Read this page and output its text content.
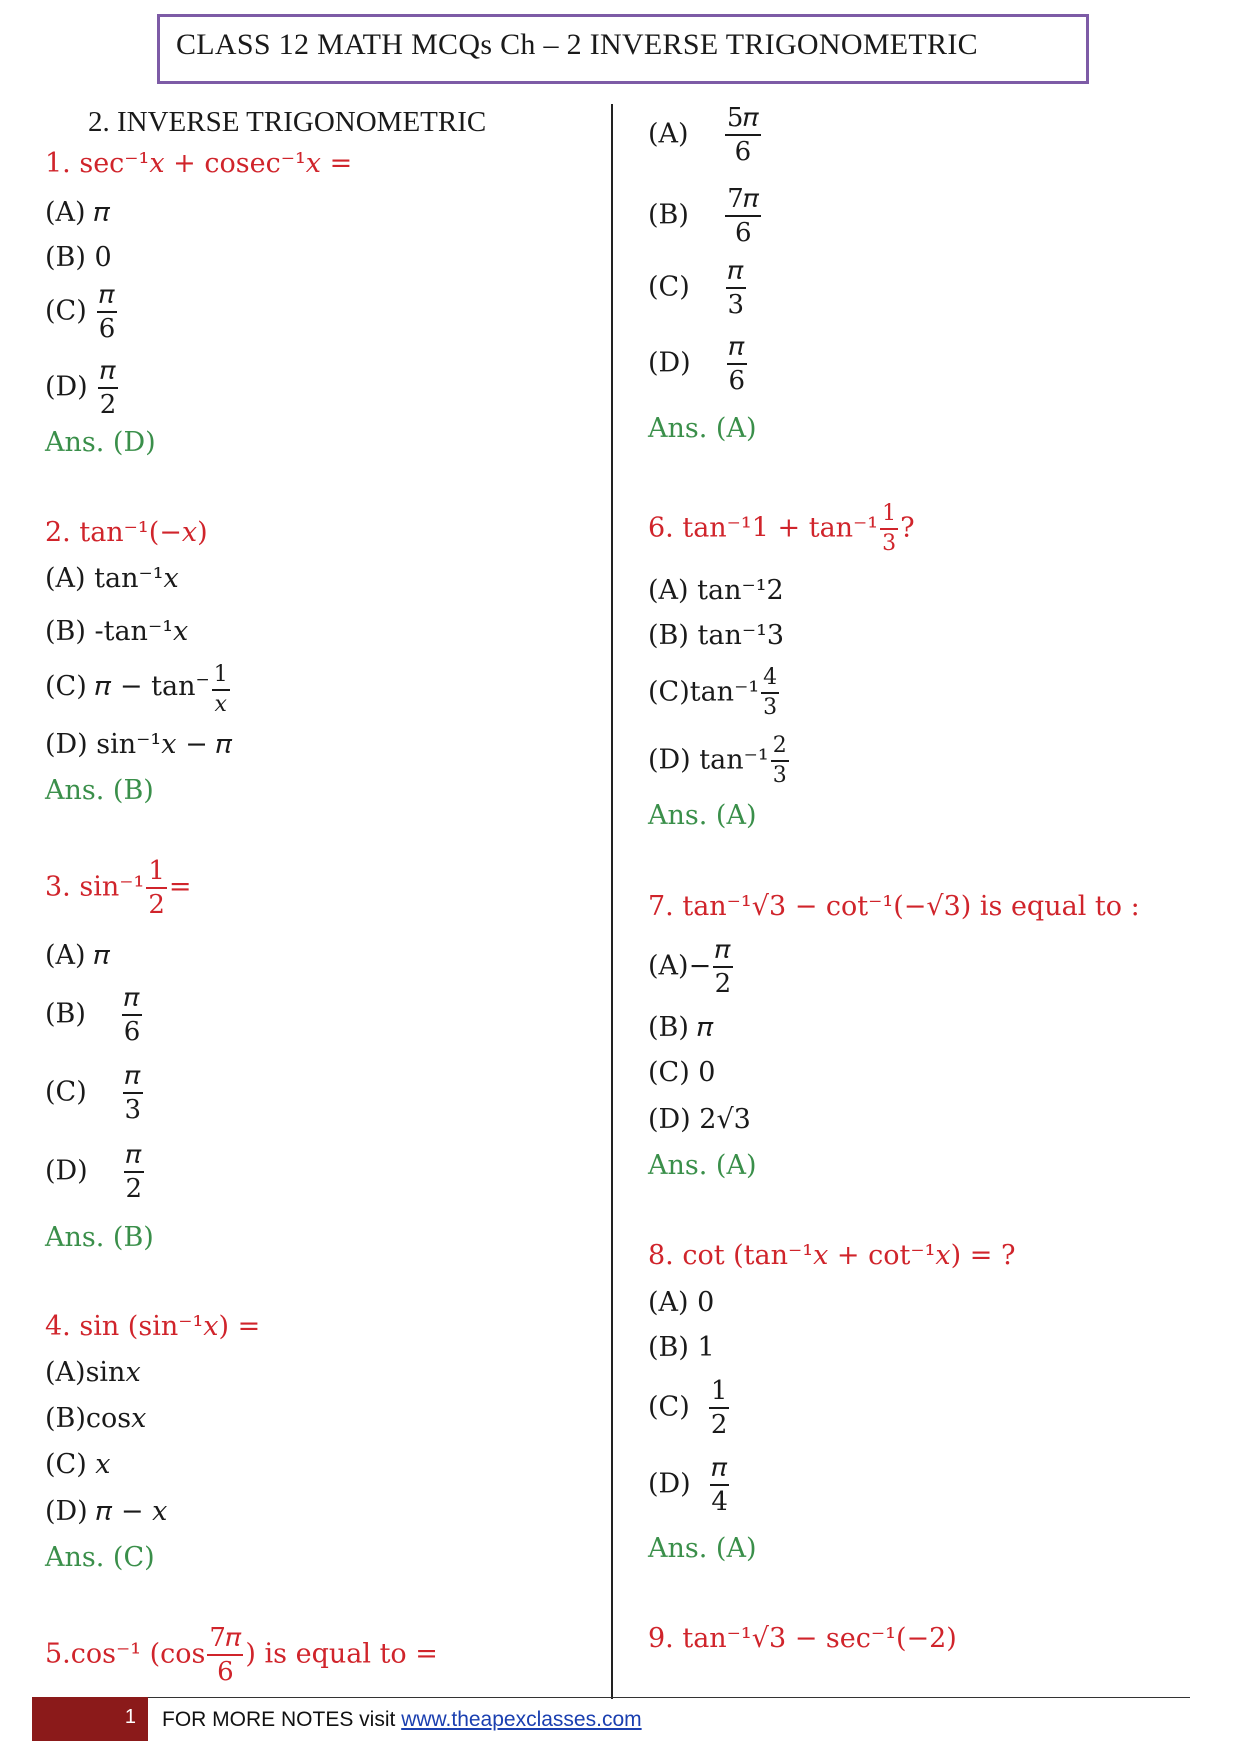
CLASS 12 MATH MCQs Ch – 2 INVERSE TRIGONOMETRIC
2. INVERSE TRIGONOMETRIC
1. sec⁻¹𝑥 + cosec⁻¹𝑥 =
(A) 𝜋
(B) 0
$(C) \frac{\text{𝜋}}{6}$
$(D) \frac{\text{𝜋}}{2}$
Ans. (D)
2. tan⁻¹(−𝑥)
(A) tan⁻¹𝑥
(B) -tan⁻¹𝑥
(C) 𝜋 − $\tan^- \frac{1}{\text{𝑥}}$
(D) sin⁻¹𝑥 − 𝜋
Ans. (B)
3. $\sin^{-1} \frac{1}{2}$ =
(A) 𝜋
$(B) \frac{\text{𝜋}}{6}$
$(C) \frac{\text{𝜋}}{3}$
$(D) \frac{\text{𝜋}}{2}$
Ans. (B)
4. sin (sin⁻¹𝑥) =
(A)sin𝑥
(B)cos𝑥
(C) 𝑥
(D) 𝜋 − 𝑥
Ans. (C)
5.cos⁻¹ ($\cos \frac{\text{7𝜋}}{6}$ ) is equal to =
$(A) \frac{\text{5𝜋}}{6}$
$(B) \frac{\text{7𝜋}}{6}$
$(C) \frac{\text{𝜋}}{3}$
$(D) \frac{\text{𝜋}}{6}$
Ans. (A)
6. $\tan^{-1}1 + \tan^{-1} \frac{1}{3}$ ?
(A) tan⁻¹2
(B) tan⁻¹3
$(C)\tan^{-1} \frac{4}{3}$
(D) $\tan^{-1} \frac{2}{3}$
Ans. (A)
7. tan⁻¹√3 − cot⁻¹(−√3) is equal to :
$(A)- \frac{\text{𝜋}}{2}$
(B) 𝜋
(C) 0
(D) 2√3
Ans. (A)
8. cot (tan⁻¹𝑥 + cot⁻¹𝑥) = ?
(A) 0
(B) 1
$(C) \frac{1}{2}$
$(D) \frac{\text{𝜋}}{4}$
Ans. (A)
9. tan⁻¹√3 − sec⁻¹(−2)
1 FOR MORE NOTES visit www.theapexclasses.com
